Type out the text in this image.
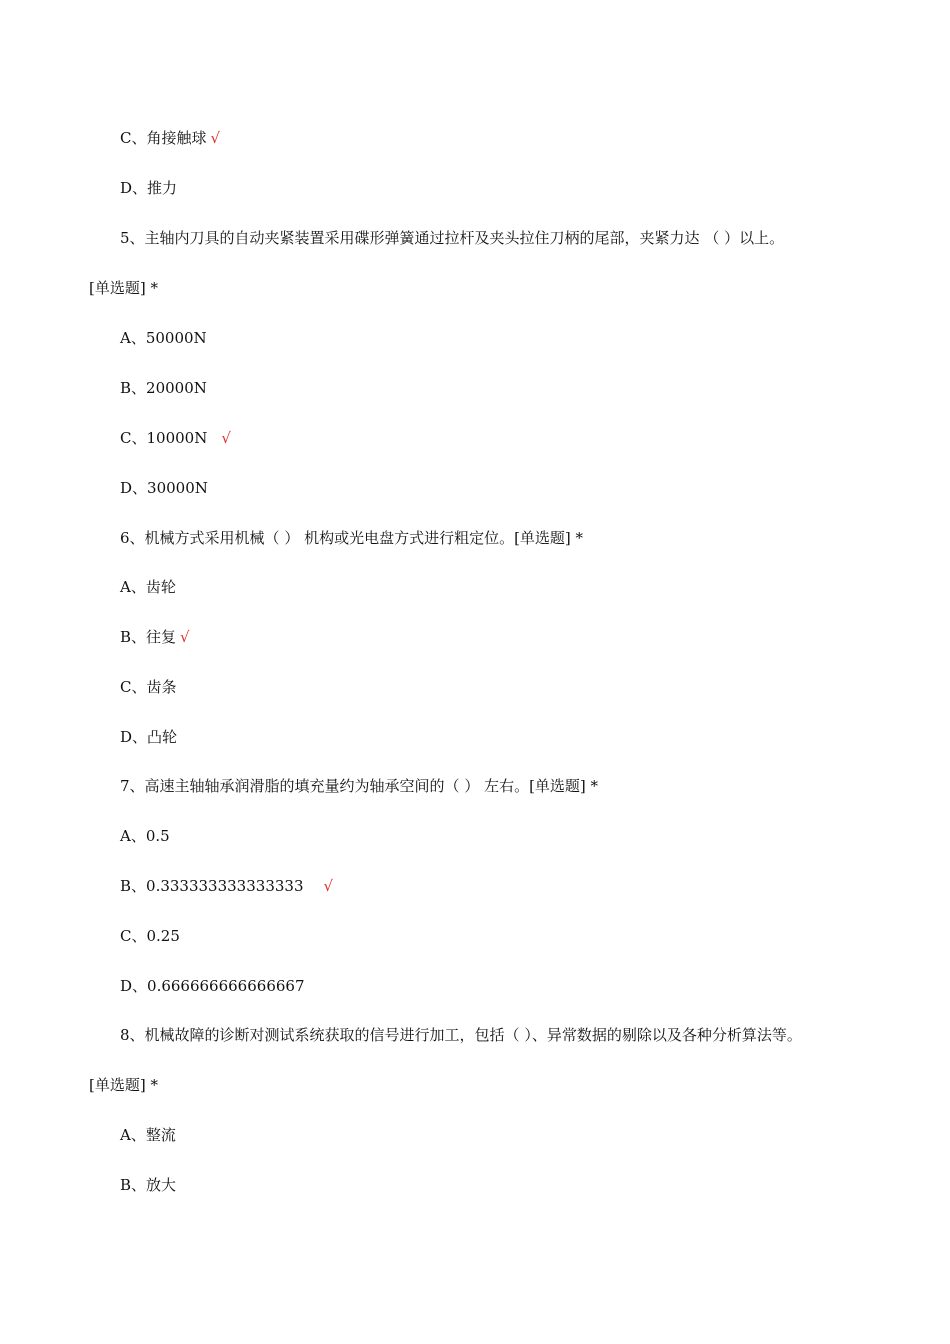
C、角接触球 √
D、推力
5、主轴内刀具的自动夹紧装置采用碟形弹簧通过拉杆及夹头拉住刀柄的尾部，夹紧力达 （ ）以上。
[单选题] *
A、50000N
B、20000N
C、10000N √
D、30000N
6、机械方式采用机械（ ） 机构或光电盘方式进行粗定位。[单选题] *
A、齿轮
B、往复 √
C、齿条
D、凸轮
7、高速主轴轴承润滑脂的填充量约为轴承空间的（ ） 左右。[单选题] *
A、0.5
B、0.333333333333333 √
C、0.25
D、0.666666666666667
8、机械故障的诊断对测试系统获取的信号进行加工，包括（ ）、异常数据的剔除以及各种分析算法等。
[单选题] *
A、整流
B、放大
